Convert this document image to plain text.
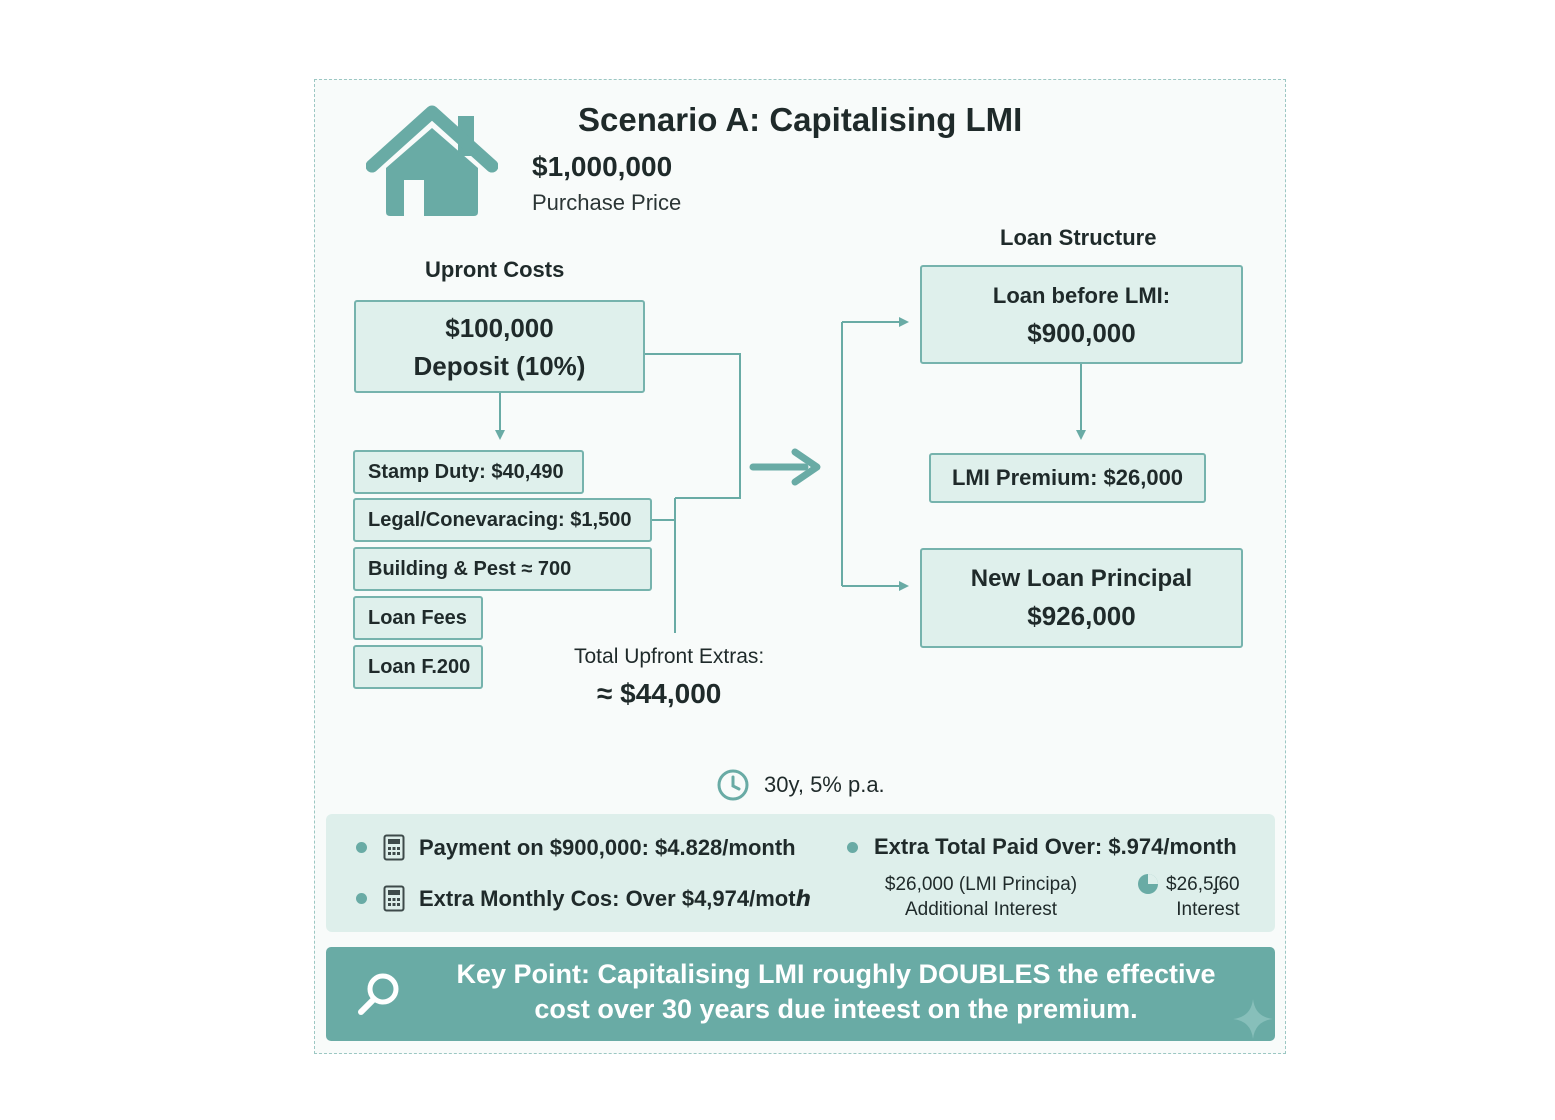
Scenario A: Capitalising LMI
$1,000,000
Purchase Price
Upront Costs
$100,000
Deposit (10%)
Stamp Duty: $40,490
Legal/Conevaracing: $1,500
Building & Pest ≈ 700
Loan Fees
Loan F.200	Total Upfront Extras:
≈ $44,000
Loan Structure
Loan before LMI:
$900,000
LMI Premium: $26,000
New Loan Principal
$926,000
30y, 5% p.a.
Payment on $900,000: $4.828/month
Extra Monthly Cos: Over $4,974/motℎ
Extra Total Paid Over: $.974/month
$26,000 (LMI Principa)
Additional Interest
$26,5ʄ60
Interest
Key Point: Capitalising LMI roughly DOUBLES the effective
cost over 30 years due inteest on the premium.
